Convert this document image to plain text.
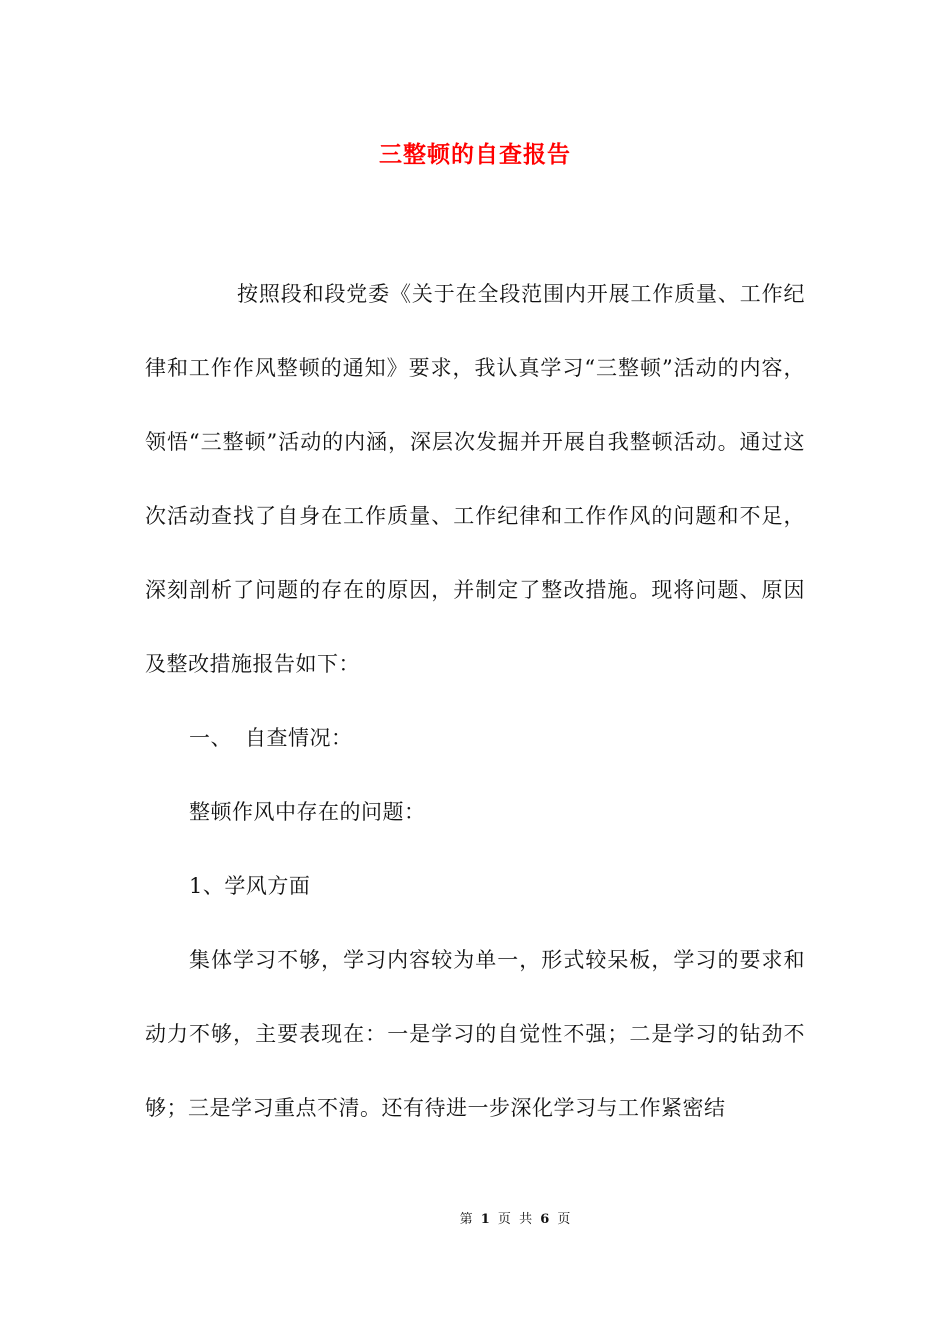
三整顿的自查报告

按照段和段党委《关于在全段范围内开展工作质量、工作纪律和工作作风整顿的通知》要求，我认真学习“三整顿”活动的内容，领悟“三整顿”活动的内涵，深层次发掘并开展自我整顿活动。通过这次活动查找了自身在工作质量、工作纪律和工作作风的问题和不足，深刻剖析了问题的存在的原因，并制定了整改措施。现将问题、原因及整改措施报告如下：

一、 自查情况：

整顿作风中存在的问题：

1、学风方面

集体学习不够，学习内容较为单一，形式较呆板，学习的要求和动力不够，主要表现在：一是学习的自觉性不强；二是学习的钻劲不够；三是学习重点不清。还有待进一步深化学习与工作紧密结

第 1 页 共 6 页
